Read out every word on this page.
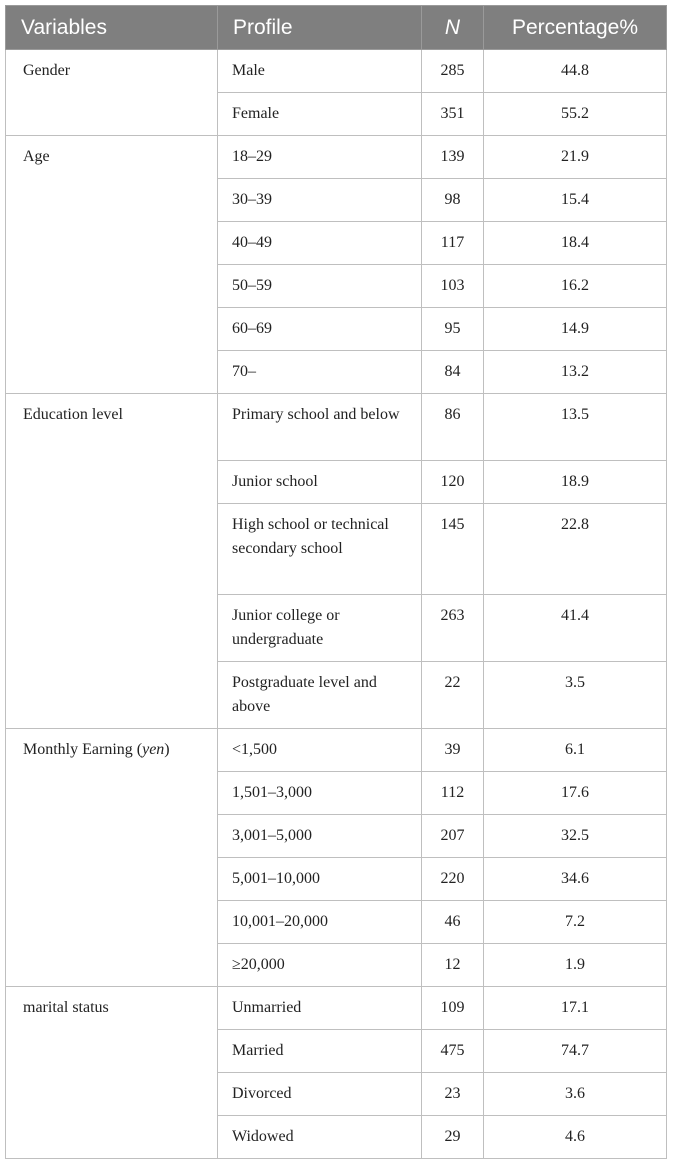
Variables	Profile	N	Percentage%
Gender	Male	285	44.8
	Female	351	55.2
Age	18–29	139	21.9
	30–39	98	15.4
	40–49	117	18.4
	50–59	103	16.2
	60–69	95	14.9
	70–	84	13.2
Education level	Primary school and below	86	13.5
	Junior school	120	18.9
	High school or technical secondary school	145	22.8
	Junior college or undergraduate	263	41.4
	Postgraduate level and above	22	3.5
Monthly Earning (yen)	<1,500	39	6.1
	1,501–3,000	112	17.6
	3,001–5,000	207	32.5
	5,001–10,000	220	34.6
	10,001–20,000	46	7.2
	≥20,000	12	1.9
marital status	Unmarried	109	17.1
	Married	475	74.7
	Divorced	23	3.6
	Widowed	29	4.6
